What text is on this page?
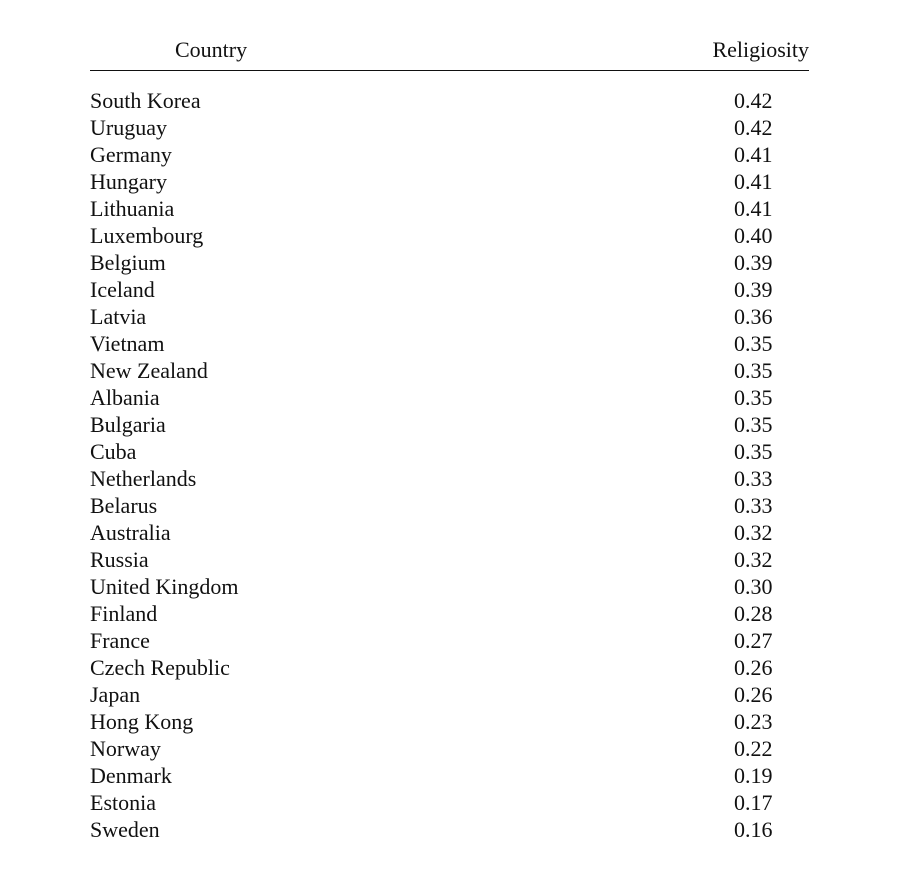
Country	Religiosity
South Korea	0.42
Uruguay	0.42
Germany	0.41
Hungary	0.41
Lithuania	0.41
Luxembourg	0.40
Belgium	0.39
Iceland	0.39
Latvia	0.36
Vietnam	0.35
New Zealand	0.35
Albania	0.35
Bulgaria	0.35
Cuba	0.35
Netherlands	0.33
Belarus	0.33
Australia	0.32
Russia	0.32
United Kingdom	0.30
Finland	0.28
France	0.27
Czech Republic	0.26
Japan	0.26
Hong Kong	0.23
Norway	0.22
Denmark	0.19
Estonia	0.17
Sweden	0.16
